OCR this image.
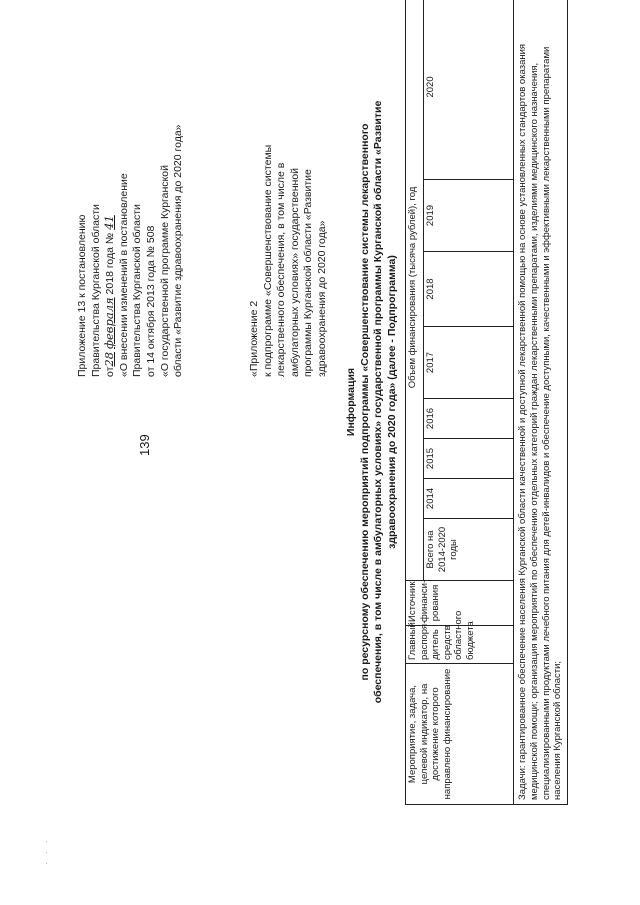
· · ·
139
Приложение 13 к постановлению Правительства Курганской области от28 февраля 2018 года № 41 «О внесении изменений в постановление Правительства Курганской области от 14 октября 2013 года № 508 «О государственной программе Курганской области «Развитие здравоохранения до 2020 года»	«Приложение 2 к подпрограмме «Совершенствование системы лекарственного обеспечения, в том числе в амбулаторных условиях» государственной программы Курганской области «Развитие здравоохранения до 2020 года»
Информация по ресурсному обеспечению мероприятий подпрограммы «Совершенствование системы лекарственного обеспечения, в том числе в амбулаторных условиях» государственной программы Курганской области «Развитие здравоохранения до 2020 года» (далее - Подпрограмма)
Мероприятие, задача, целевой индикатор, на достижение которого направлено финансирование	Главный распоря-дитель средств областного бюджета	Источник финанси-рования	Объем финансирования (тысяча рублей), год							
			Всего на 2014-2020 годы	2014	2015	2016	2017	2018	2019	2020
Задачи: гарантированное обеспечение населения Курганской области качественной и доступной лекарственной помощью на основе установленных стандартов оказания медицинской помощи; организация мероприятий по обеспечению отдельных категорий граждан лекарственными препаратами, изделиями медицинского назначения, специализированными продуктами лечебного питания для детей-инвалидов и обеспечение доступными, качественными и эффективными лекарственными препаратами населения Курганской области;										
